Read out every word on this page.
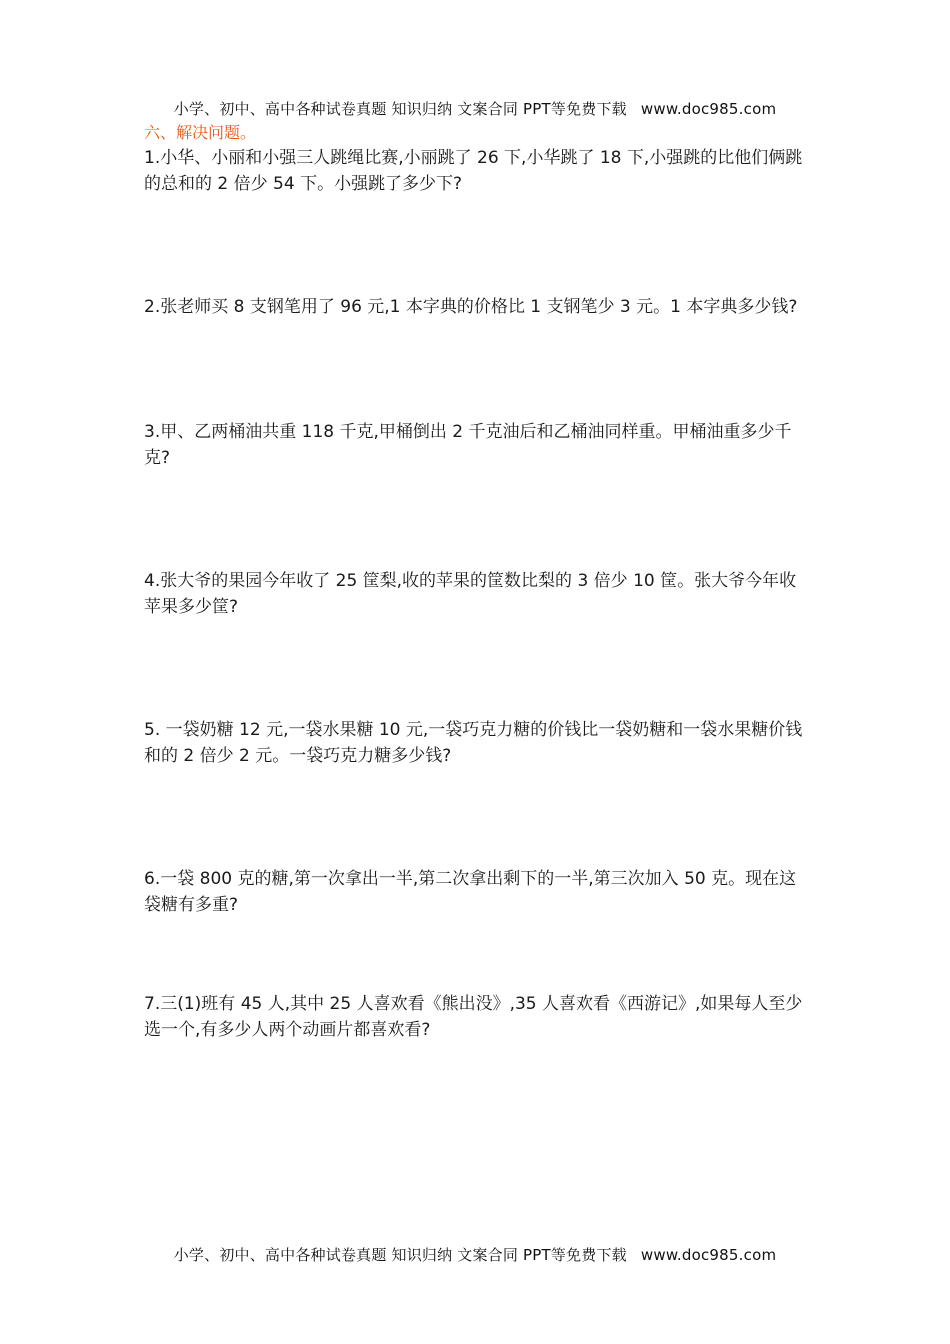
小学、初中、高中各种试卷真题 知识归纳 文案合同 PPT等免费下载 www.doc985.com
六、解决问题。

1.小华、小丽和小强三人跳绳比赛,小丽跳了 26 下,小华跳了 18 下,小强跳的比他们俩跳的总和的 2 倍少 54 下。小强跳了多少下?

2.张老师买 8 支钢笔用了 96 元,1 本字典的价格比 1 支钢笔少 3 元。1 本字典多少钱?

3.甲、乙两桶油共重 118 千克,甲桶倒出 2 千克油后和乙桶油同样重。甲桶油重多少千克?

4.张大爷的果园今年收了 25 筐梨,收的苹果的筐数比梨的 3 倍少 10 筐。张大爷今年收苹果多少筐?

5. 一袋奶糖 12 元,一袋水果糖 10 元,一袋巧克力糖的价钱比一袋奶糖和一袋水果糖价钱和的 2 倍少 2 元。一袋巧克力糖多少钱?

6.一袋 800 克的糖,第一次拿出一半,第二次拿出剩下的一半,第三次加入 50 克。现在这袋糖有多重?

7.三(1)班有 45 人,其中 25 人喜欢看《熊出没》,35 人喜欢看《西游记》,如果每人至少选一个,有多少人两个动画片都喜欢看?

小学、初中、高中各种试卷真题 知识归纳 文案合同 PPT等免费下载 www.doc985.com
